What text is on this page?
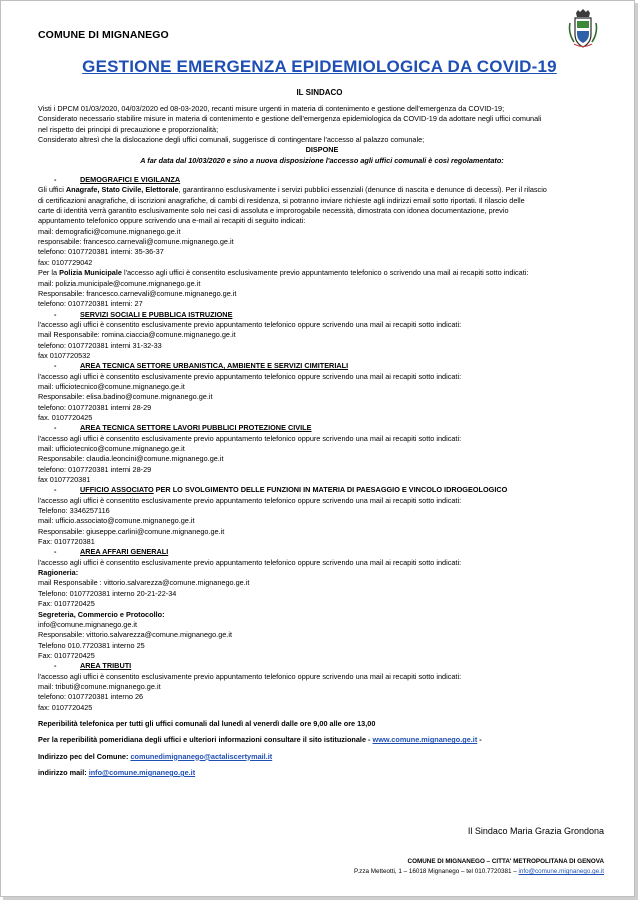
COMUNE DI MIGNANEGO
GESTIONE EMERGENZA EPIDEMIOLOGICA DA COVID-19
IL SINDACO
Visti i DPCM 01/03/2020, 04/03/2020 ed 08-03-2020, recanti misure urgenti in materia di contenimento e gestione dell'emergenza da COVID-19;
Considerato necessario stabilire misure in materia di contenimento e gestione dell'emergenza epidemiologica da COVID-19 da adottare negli uffici comunali
nel rispetto dei principi di precauzione e proporzionalità;
Considerato altresì che la dislocazione degli uffici comunali, suggerisce di contingentare l'accesso al palazzo comunale;
DISPONE
A far data dal 10/03/2020 e sino a nuova disposizione l'accesso agli uffici comunali è così regolamentato:
-	DEMOGRAFICI E VIGILANZA
Gli uffici Anagrafe, Stato Civile, Elettorale, garantiranno esclusivamente i servizi pubblici essenziali (denunce di nascita e denunce di decessi). Per il rilascio
di certificazioni anagrafiche, di iscrizioni anagrafiche, di cambi di residenza, si potranno inviare richieste agli indirizzi email sotto riportati. Il rilascio delle
carte di identità verrà garantito esclusivamente solo nei casi di assoluta e improrogabile necessità, dimostrata con idonea documentazione, previo
appuntamento telefonico oppure scrivendo una e-mail ai recapiti di seguito indicati:
mail: demografici@comune.mignanego.ge.it
responsabile: francesco.carnevali@comune.mignanego.ge.it
telefono: 0107720381 interni: 35-36-37
fax: 0107729042
Per la Polizia Municipale l'accesso agli uffici è consentito esclusivamente previo appuntamento telefonico o scrivendo una mail ai recapiti sotto indicati:
mail: polizia.municipale@comune.mignanego.ge.it
Responsabile: francesco.carnevali@comune.mignanego.ge.it
telefono: 0107720381 interni: 27
-	SERVIZI SOCIALI E PUBBLICA ISTRUZIONE
l'accesso agli uffici è consentito esclusivamente previo appuntamento telefonico oppure scrivendo una mail ai recapiti sotto indicati:
mail Responsabile: romina.ciaccia@comune.mignanego.ge.it
telefono: 0107720381 interni 31-32-33
fax 0107720532
-	AREA TECNICA SETTORE URBANISTICA, AMBIENTE E SERVIZI CIMITERIALI
l'accesso agli uffici è consentito esclusivamente previo appuntamento telefonico oppure scrivendo una mail ai recapiti sotto indicati:
mail: ufficiotecnico@comune.mignanego.ge.it
Responsabile: elisa.badino@comune.mignanego.ge.it
telefono: 0107720381 interni 28-29
fax. 0107720425
-	AREA TECNICA SETTORE LAVORI PUBBLICI PROTEZIONE CIVILE
l'accesso agli uffici è consentito esclusivamente previo appuntamento telefonico oppure scrivendo una mail ai recapiti sotto indicati:
mail: ufficiotecnico@comune.mignanego.ge.it
Responsabile: claudia.leoncini@comune.mignanego.ge.it
telefono: 0107720381 interni 28-29
fax 0107720381
-	UFFICIO ASSOCIATO PER LO SVOLGIMENTO DELLE FUNZIONI IN MATERIA DI PAESAGGIO E VINCOLO IDROGEOLOGICO
l'accesso agli uffici è consentito esclusivamente previo appuntamento telefonico oppure scrivendo una mail ai recapiti sotto indicati:
Telefono: 3346257116
mail: ufficio.associato@comune.mignanego.ge.it
Responsabile: giuseppe.carlini@comune.mignanego.ge.it
Fax: 0107720381
-	AREA AFFARI GENERALI
l'accesso agli uffici è consentito esclusivamente previo appuntamento telefonico oppure scrivendo una mail ai recapiti sotto indicati:
Ragioneria:
mail Responsabile : vittorio.salvarezza@comune.mignanego.ge.it
Telefono: 0107720381 interno 20-21-22-34
Fax: 0107720425
Segreteria, Commercio e Protocollo:
info@comune.mignanego.ge.it
Responsabile: vittorio.salvarezza@comune.mignanego.ge.it
Telefono 010.7720381 interno 25
Fax: 0107720425
-	AREA TRIBUTI
l'accesso agli uffici è consentito esclusivamente previo appuntamento telefonico oppure scrivendo una mail ai recapiti sotto indicati:
mail: tributi@comune.mignanego.ge.it
telefono: 0107720381 interno 26
fax: 0107720425
Reperibilità telefonica per tutti gli uffici comunali dal lunedì al venerdì dalle ore 9,00 alle ore 13,00
Per la reperibilità pomeridiana degli uffici e ulteriori informazioni consultare il sito istituzionale - www.comune.mignanego.ge.it -
Indirizzo pec del Comune: comunedimignanego@actaliscertymail.it
indirizzo mail: info@comune.mignanego.ge.it
Il Sindaco Maria Grazia Grondona
COMUNE DI MIGNANEGO – CITTA' METROPOLITANA DI GENOVA
P.zza Metteotti, 1 – 16018 Mignanego – tel 010.7720381 – info@comune.mignanego.ge.it
